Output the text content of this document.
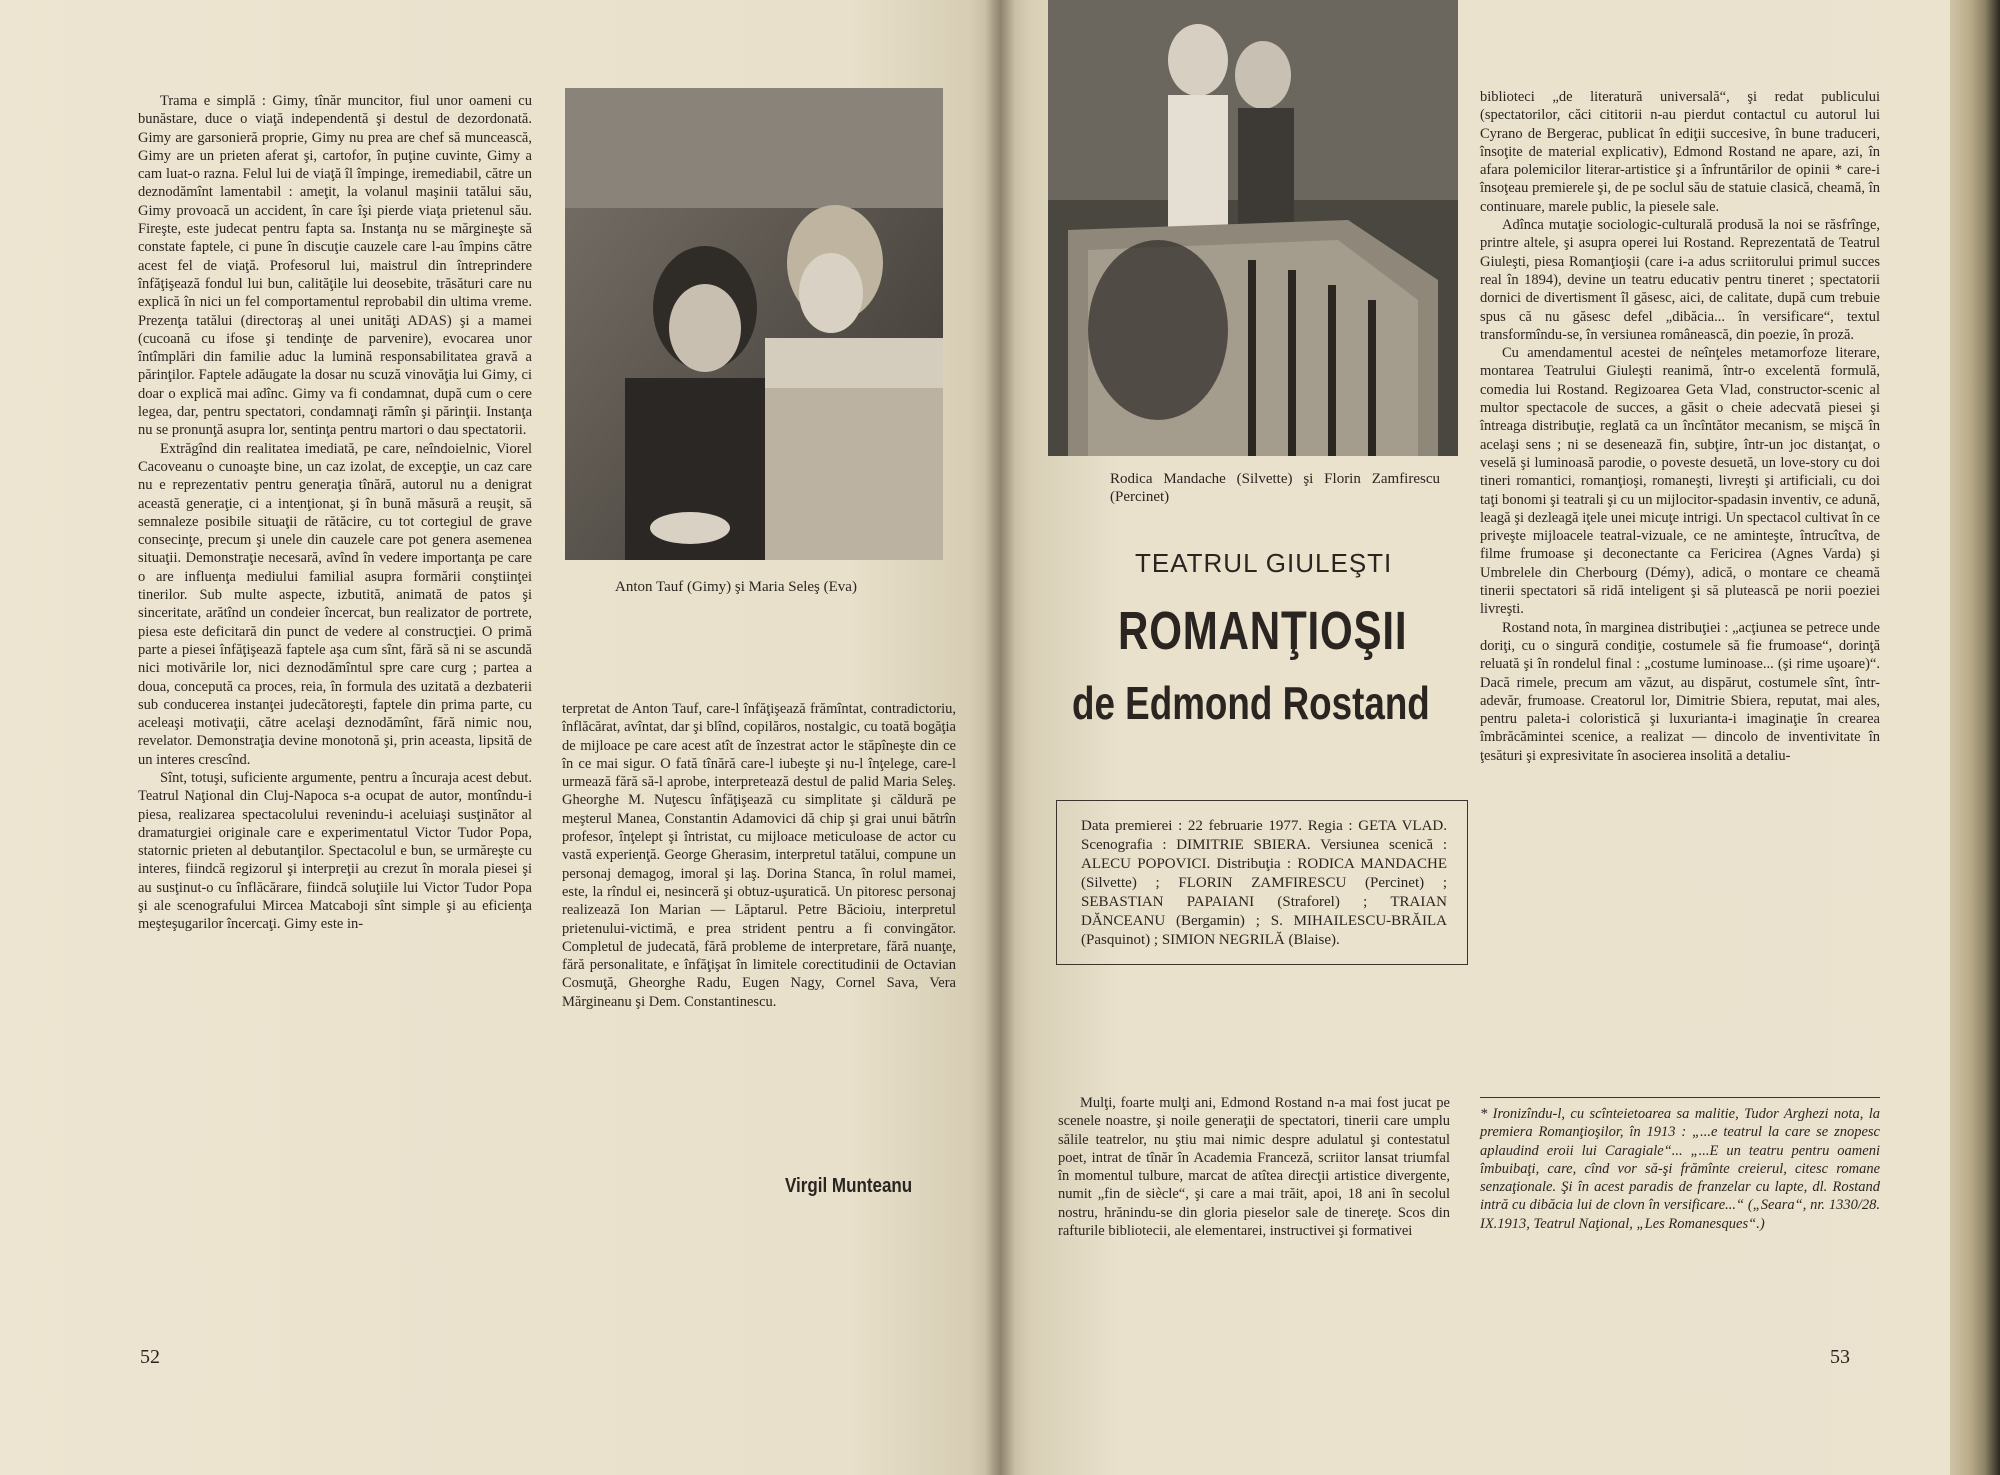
Trama e simplă : Gimy, tînăr muncitor, fiul unor oameni cu bunăstare, duce o viaţă independentă şi destul de dezordonată. Gimy are garsonieră proprie, Gimy nu prea are chef să muncească, Gimy are un prieten aferat şi, cartofor, în puţine cuvinte, Gimy a cam luat-o razna. Felul lui de viaţă îl împinge, iremediabil, către un deznodămînt lamentabil : ameţit, la volanul maşinii tatălui său, Gimy provoacă un accident, în care îşi pierde viaţa prietenul său. Fireşte, este judecat pentru fapta sa. Instanţa nu se mărgineşte să constate faptele, ci pune în discuţie cauzele care l-au împins către acest fel de viaţă. Profesorul lui, maistrul din întreprindere înfăţişează fondul lui bun, calităţile lui deosebite, trăsături care nu explică în nici un fel comportamentul reprobabil din ultima vreme. Prezenţa tatălui (directoraş al unei unităţi ADAS) şi a mamei (cucoană cu ifose şi tendinţe de parvenire), evocarea unor întîmplări din familie aduc la lumină responsabilitatea gravă a părinţilor. Faptele adăugate la dosar nu scuză vinovăţia lui Gimy, ci doar o explică mai adînc. Gimy va fi condamnat, după cum o cere legea, dar, pentru spectatori, condamnaţi rămîn şi părinţii. Instanţa nu se pronunţă asupra lor, sentinţa pentru martori o dau spectatorii.

Extrăgînd din realitatea imediată, pe care, neîndoielnic, Viorel Cacoveanu o cunoaşte bine, un caz izolat, de excepţie, un caz care nu e reprezentativ pentru generaţia tînără, autorul nu a denigrat această generaţie, ci a intenţionat, şi în bună măsură a reuşit, să semnaleze posibile situaţii de rătăcire, cu tot cortegiul de grave consecinţe, precum şi unele din cauzele care pot genera asemenea situaţii. Demonstraţie necesară, avînd în vedere importanţa pe care o are influenţa mediului familial asupra formării conştiinţei tinerilor. Sub multe aspecte, izbutită, animată de patos şi sinceritate, arătînd un condeier încercat, bun realizator de portrete, piesa este deficitară din punct de vedere al construcţiei. O primă parte a piesei înfăţişează faptele aşa cum sînt, fără să ni se ascundă nici motivările lor, nici deznodămîntul spre care curg ; partea a doua, concepută ca proces, reia, în formula des uzitată a dezbaterii sub conducerea instanţei judecătoreşti, faptele din prima parte, cu aceleaşi motivaţii, către acelaşi deznodămînt, fără nimic nou, revelator. Demonstraţia devine monotonă şi, prin aceasta, lipsită de un interes crescînd.

Sînt, totuşi, suficiente argumente, pentru a încuraja acest debut. Teatrul Naţional din Cluj-Napoca s-a ocupat de autor, montîndu-i piesa, realizarea spectacolului revenindu-i aceluiaşi susţinător al dramaturgiei originale care e experimentatul Victor Tudor Popa, statornic prieten al debutanţilor. Spectacolul e bun, se urmăreşte cu interes, fiindcă regizorul şi interpreţii au crezut în morala piesei şi au susţinut-o cu înflăcărare, fiindcă soluţiile lui Victor Tudor Popa şi ale scenografului Mircea Matcaboji sînt simple şi au eficienţa meşteşugarilor încercaţi. Gimy este in-

Anton Tauf (Gimy) şi Maria Seleş (Eva)

terpretat de Anton Tauf, care-l înfăţişează frămîntat, contradictoriu, înflăcărat, avîntat, dar şi blînd, copilăros, nostalgic, cu toată bogăţia de mijloace pe care acest atît de înzestrat actor le stăpîneşte din ce în ce mai sigur. O fată tînără care-l iubeşte şi nu-l înţelege, care-l urmează fără să-l aprobe, interpretează destul de palid Maria Seleş. Gheorghe M. Nuţescu înfăţişează cu simplitate şi căldură pe meşterul Manea, Constantin Adamovici dă chip şi grai unui bătrîn profesor, înţelept şi întristat, cu mijloace meticuloase de actor cu vastă experienţă. George Gherasim, interpretul tatălui, compune un personaj demagog, imoral şi laş. Dorina Stanca, în rolul mamei, este, la rîndul ei, nesinceră şi obtuz-uşuratică. Un pitoresc personaj realizează Ion Marian — Lăptarul. Petre Băcioiu, interpretul prietenului-victimă, e prea strident pentru a fi convingător. Completul de judecată, fără probleme de interpretare, fără nuanţe, fără personalitate, e înfăţişat în limitele corectitudinii de Octavian Cosmuţă, Gheorghe Radu, Eugen Nagy, Cornel Sava, Vera Mărgineanu şi Dem. Constantinescu.

Virgil Munteanu
52
Rodica Mandache (Silvette) şi Florin Zamfirescu (Percinet)
TEATRUL GIULEŞTI
ROMANŢIOŞII
de Edmond Rostand
Data premierei : 22 februarie 1977. Regia : GETA VLAD. Scenografia : DIMITRIE SBIERA. Versiunea scenică : ALECU POPOVICI. Distribuţia : RODICA MANDACHE (Silvette) ; FLORIN ZAMFIRESCU (Percinet) ; SEBASTIAN PAPAIANI (Straforel) ; TRAIAN DĂNCEANU (Bergamin) ; S. MIHAILESCU-BRĂILA (Pasquinot) ; SIMION NEGRILĂ (Blaise).

Mulţi, foarte mulţi ani, Edmond Rostand n-a mai fost jucat pe scenele noastre, şi noile generaţii de spectatori, tinerii care umplu sălile teatrelor, nu ştiu mai nimic despre adulatul şi contestatul poet, intrat de tînăr în Academia Franceză, scriitor lansat triumfal în momentul tulbure, marcat de atîtea direcţii artistice divergente, numit „fin de siècle“, şi care a mai trăit, apoi, 18 ani în secolul nostru, hrănindu-se din gloria pieselor sale de tinereţe. Scos din rafturile bibliotecii, ale elementarei, instructivei şi formativei

biblioteci „de literatură universală“, şi redat publicului (spectatorilor, căci cititorii n-au pierdut contactul cu autorul lui Cyrano de Bergerac, publicat în ediţii succesive, în bune traduceri, însoţite de material explicativ), Edmond Rostand ne apare, azi, în afara polemicilor literar-artistice şi a înfruntărilor de opinii * care-i însoţeau premierele şi, de pe soclul său de statuie clasică, cheamă, în continuare, marele public, la piesele sale.

Adînca mutaţie sociologic-culturală produsă la noi se răsfrînge, printre altele, şi asupra operei lui Rostand. Reprezentată de Teatrul Giuleşti, piesa Romanţioşii (care i-a adus scriitorului primul succes real în 1894), devine un teatru educativ pentru tineret ; spectatorii dornici de divertisment îl găsesc, aici, de calitate, după cum trebuie spus că nu găsesc defel „dibăcia... în versificare“, textul transformîndu-se, în versiunea românească, din poezie, în proză.

Cu amendamentul acestei de neînţeles metamorfoze literare, montarea Teatrului Giuleşti reanimă, într-o excelentă formulă, comedia lui Rostand. Regizoarea Geta Vlad, constructor-scenic al multor spectacole de succes, a găsit o cheie adecvată piesei şi întreaga distribuţie, reglată ca un încîntător mecanism, se mişcă în acelaşi sens ; ni se desenează fin, subţire, într-un joc distanţat, o veselă şi luminoasă parodie, o poveste desuetă, un love-story cu doi tineri romantici, romanţioşi, romaneşti, livreşti şi artificiali, cu doi taţi bonomi şi teatrali şi cu un mijlocitor-spadasin inventiv, ce adună, leagă şi dezleagă iţele unei micuţe intrigi. Un spectacol cultivat în ce priveşte mijloacele teatral-vizuale, ce ne aminteşte, întrucîtva, de filme frumoase şi deconectante ca Fericirea (Agnes Varda) şi Umbrelele din Cherbourg (Démy), adică, o montare ce cheamă tinerii spectatori să ridă inteligent şi să plutească pe norii poeziei livreşti.

Rostand nota, în marginea distribuţiei : „acţiunea se petrece unde doriţi, cu o singură condiţie, costumele să fie frumoase“, dorinţă reluată şi în rondelul final : „costume luminoase... (şi rime uşoare)“. Dacă rimele, precum am văzut, au dispărut, costumele sînt, într-adevăr, frumoase. Creatorul lor, Dimitrie Sbiera, reputat, mai ales, pentru paleta-i coloristică şi luxurianta-i imaginaţie în crearea îmbrăcămintei scenice, a realizat — dincolo de inventivitate în ţesături şi expresivitate în asocierea insolită a detaliu-

* Ironizîndu-l, cu scînteietoarea sa malitie, Tudor Arghezi nota, la premiera Romanţioşilor, în 1913 : „...e teatrul la care se znopesc aplaudind eroii lui Caragiale“... „...E un teatru pentru oameni îmbuibaţi, care, cînd vor să-şi frămînte creierul, citesc romane senzaţionale. Şi în acest paradis de franzelar cu lapte, dl. Rostand intră cu dibăcia lui de clovn în versificare...“ („Seara“, nr. 1330/28. IX.1913, Teatrul Naţional, „Les Romanesques“.)
53
